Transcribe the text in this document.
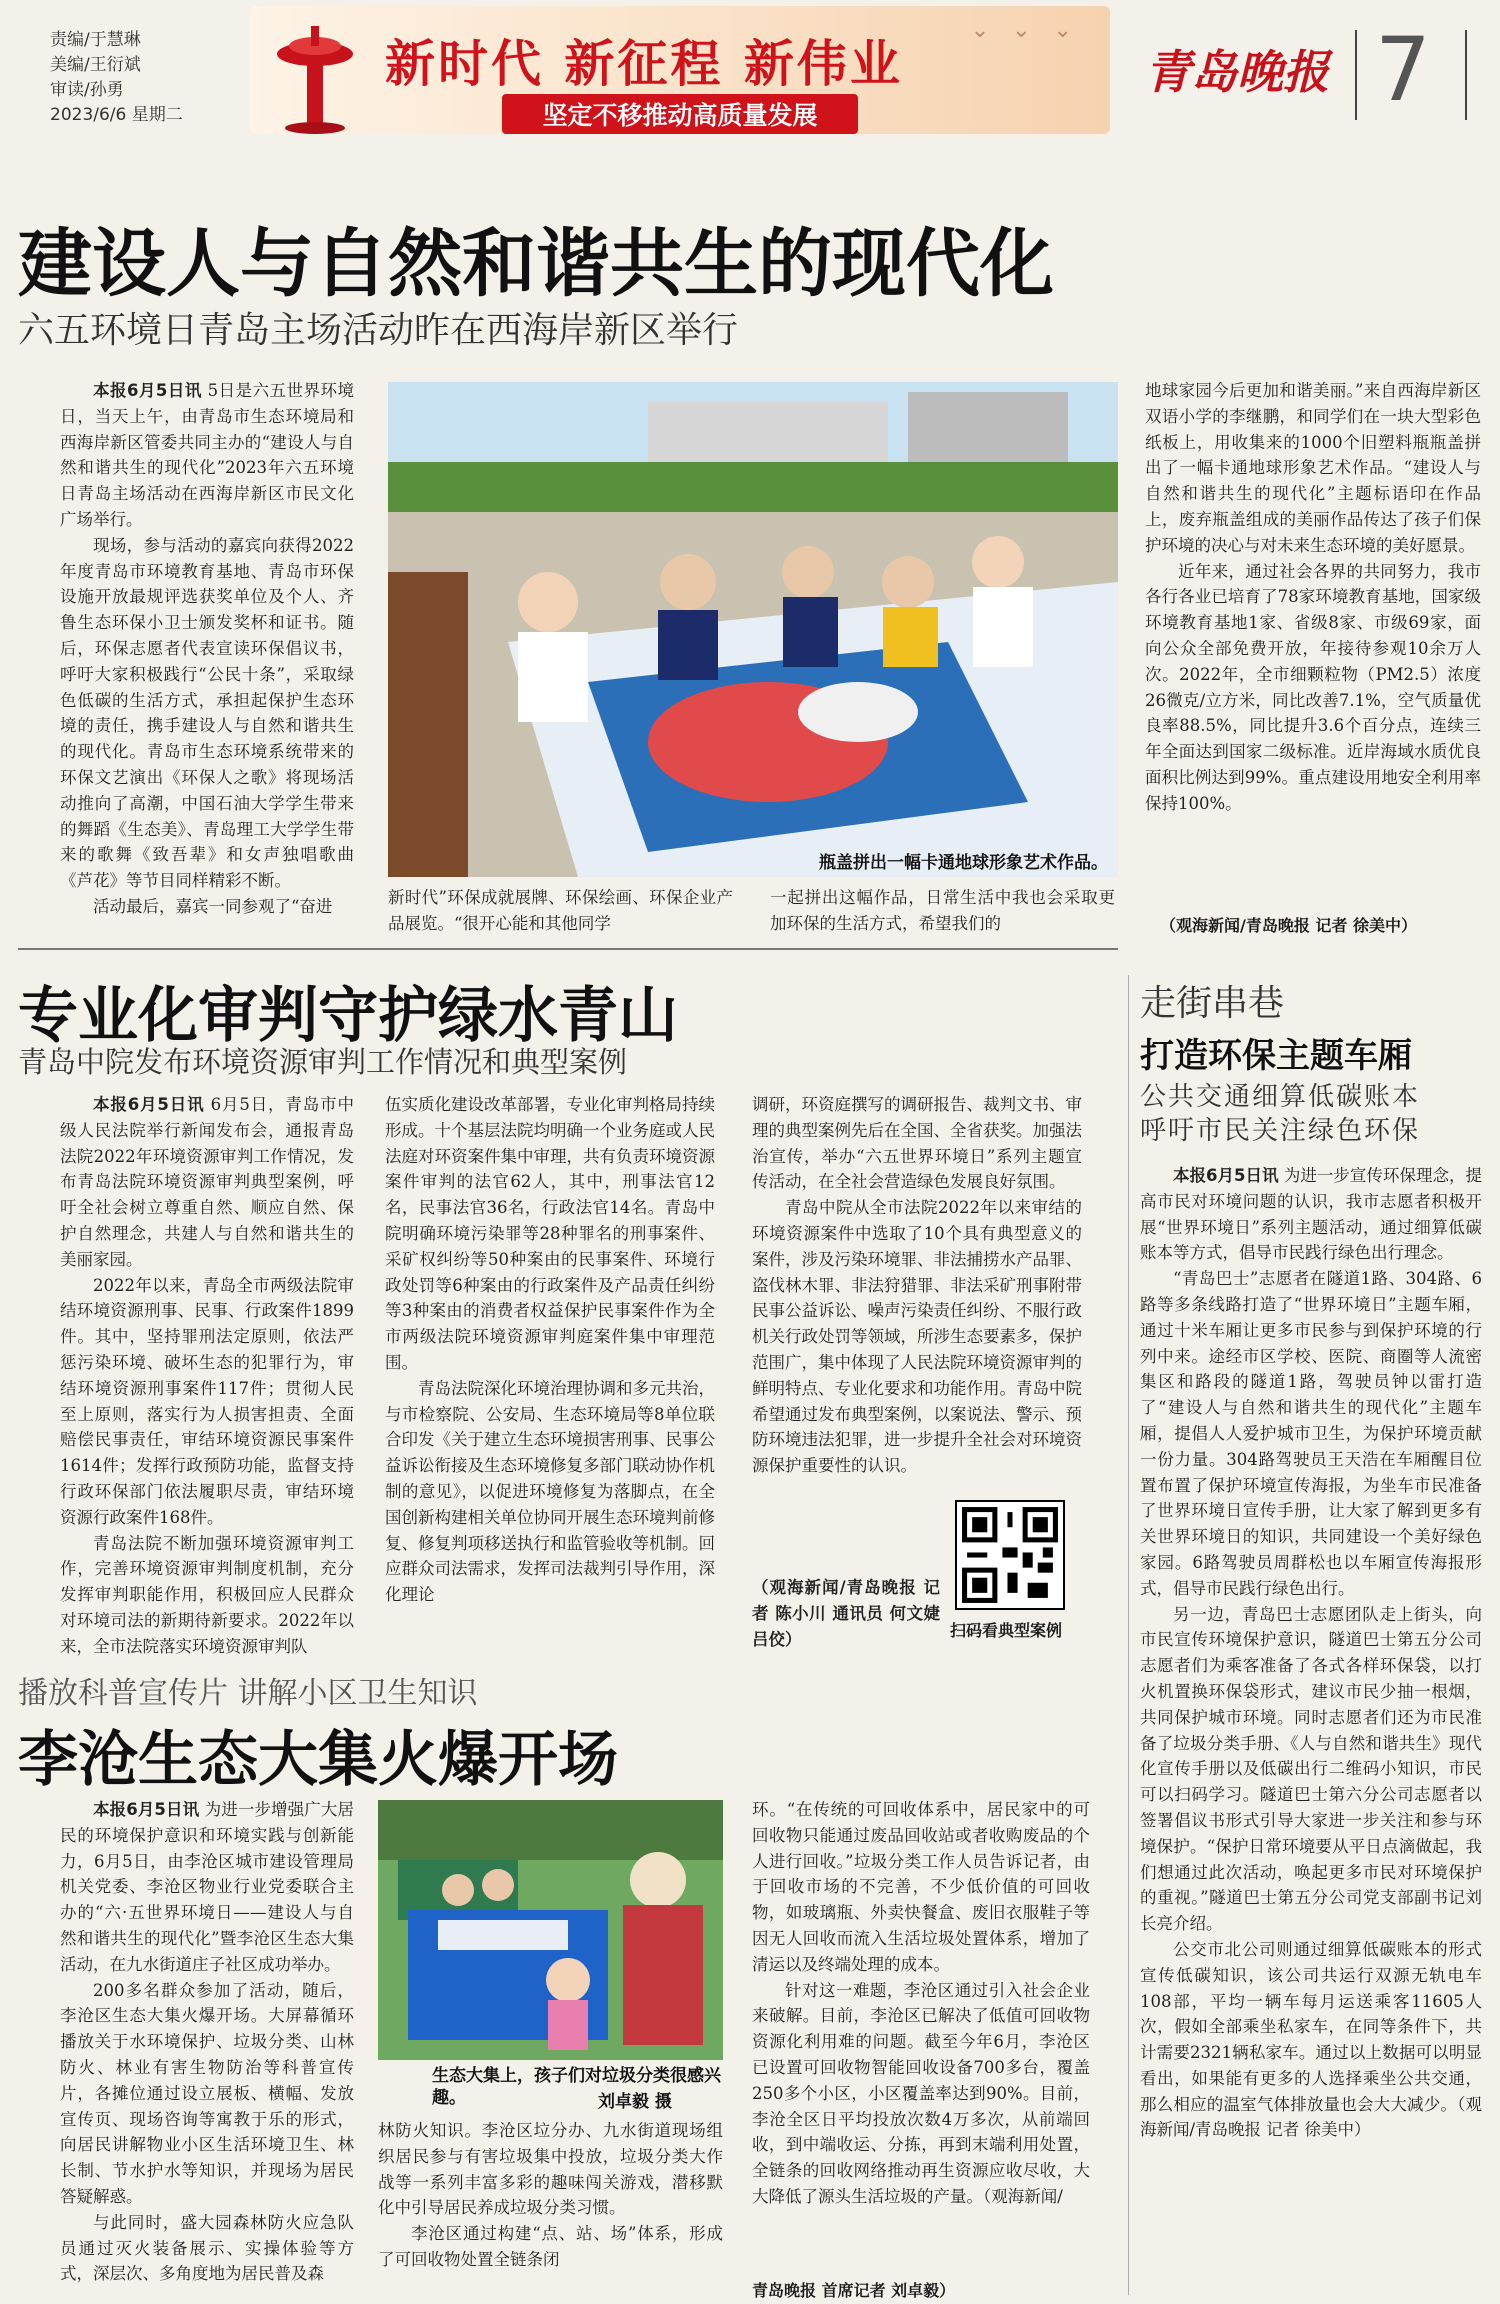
责编/于慧琳
美编/王衍斌
审读/孙勇
2023/6/6 星期二
新时代 新征程 新伟业
坚定不移推动高质量发展
⌄ ⌄ ⌄
青岛晚报 7
建设人与自然和谐共生的现代化
六五环境日青岛主场活动昨在西海岸新区举行

本报6月5日讯 5日是六五世界环境日，当天上午，由青岛市生态环境局和西海岸新区管委共同主办的“建设人与自然和谐共生的现代化”2023年六五环境日青岛主场活动在西海岸新区市民文化广场举行。

现场，参与活动的嘉宾向获得2022年度青岛市环境教育基地、青岛市环保设施开放最规评选获奖单位及个人、齐鲁生态环保小卫士颁发奖杯和证书。随后，环保志愿者代表宣读环保倡议书，呼吁大家积极践行“公民十条”，采取绿色低碳的生活方式，承担起保护生态环境的责任，携手建设人与自然和谐共生的现代化。青岛市生态环境系统带来的环保文艺演出《环保人之歌》将现场活动推向了高潮，中国石油大学学生带来的舞蹈《生态美》、青岛理工大学学生带来的歌舞《致吾辈》和女声独唱歌曲《芦花》等节目同样精彩不断。

活动最后，嘉宾一同参观了“奋进

瓶盖拼出一幅卡通地球形象艺术作品。
新时代”环保成就展牌、环保绘画、环保企业产品展览。“很开心能和其他同学
一起拼出这幅作品，日常生活中我也会采取更加环保的生活方式，希望我们的
地球家园今后更加和谐美丽。”来自西海岸新区双语小学的李继鹏，和同学们在一块大型彩色纸板上，用收集来的1000个旧塑料瓶瓶盖拼出了一幅卡通地球形象艺术作品。“建设人与自然和谐共生的现代化”主题标语印在作品上，废弃瓶盖组成的美丽作品传达了孩子们保护环境的决心与对未来生态环境的美好愿景。

近年来，通过社会各界的共同努力，我市各行各业已培育了78家环境教育基地，国家级环境教育基地1家、省级8家、市级69家，面向公众全部免费开放，年接待参观10余万人次。2022年，全市细颗粒物（PM2.5）浓度26微克/立方米，同比改善7.1%，空气质量优良率88.5%，同比提升3.6个百分点，连续三年全面达到国家二级标准。近岸海域水质优良面积比例达到99%。重点建设用地安全利用率保持100%。

（观海新闻/青岛晚报 记者 徐美中）
专业化审判守护绿水青山
青岛中院发布环境资源审判工作情况和典型案例

本报6月5日讯 6月5日，青岛市中级人民法院举行新闻发布会，通报青岛法院2022年环境资源审判工作情况，发布青岛法院环境资源审判典型案例，呼吁全社会树立尊重自然、顺应自然、保护自然理念，共建人与自然和谐共生的美丽家园。

2022年以来，青岛全市两级法院审结环境资源刑事、民事、行政案件1899件。其中，坚持罪刑法定原则，依法严惩污染环境、破坏生态的犯罪行为，审结环境资源刑事案件117件；贯彻人民至上原则，落实行为人损害担责、全面赔偿民事责任，审结环境资源民事案件1614件；发挥行政预防功能，监督支持行政环保部门依法履职尽责，审结环境资源行政案件168件。

青岛法院不断加强环境资源审判工作，完善环境资源审判制度机制，充分发挥审判职能作用，积极回应人民群众对环境司法的新期待新要求。2022年以来，全市法院落实环境资源审判队

伍实质化建设改革部署，专业化审判格局持续形成。十个基层法院均明确一个业务庭或人民法庭对环资案件集中审理，共有负责环境资源案件审判的法官62人，其中，刑事法官12名，民事法官36名，行政法官14名。青岛中院明确环境污染罪等28种罪名的刑事案件、采矿权纠纷等50种案由的民事案件、环境行政处罚等6种案由的行政案件及产品责任纠纷等3种案由的消费者权益保护民事案件作为全市两级法院环境资源审判庭案件集中审理范围。

青岛法院深化环境治理协调和多元共治，与市检察院、公安局、生态环境局等8单位联合印发《关于建立生态环境损害刑事、民事公益诉讼衔接及生态环境修复多部门联动协作机制的意见》，以促进环境修复为落脚点，在全国创新构建相关单位协同开展生态环境判前修复、修复判项移送执行和监管验收等机制。回应群众司法需求，发挥司法裁判引导作用，深化理论

调研，环资庭撰写的调研报告、裁判文书、审理的典型案例先后在全国、全省获奖。加强法治宣传，举办“六五世界环境日”系列主题宣传活动，在全社会营造绿色发展良好氛围。

青岛中院从全市法院2022年以来审结的环境资源案件中选取了10个具有典型意义的案件，涉及污染环境罪、非法捕捞水产品罪、盗伐林木罪、非法狩猎罪、非法采矿刑事附带民事公益诉讼、噪声污染责任纠纷、不服行政机关行政处罚等领域，所涉生态要素多，保护范围广，集中体现了人民法院环境资源审判的鲜明特点、专业化要求和功能作用。青岛中院希望通过发布典型案例，以案说法、警示、预防环境违法犯罪，进一步提升全社会对环境资源保护重要性的认识。

（观海新闻/青岛晚报 记者 陈小川 通讯员 何文婕 吕佼）	扫码看典型案例
播放科普宣传片 讲解小区卫生知识
李沧生态大集火爆开场

本报6月5日讯 为进一步增强广大居民的环境保护意识和环境实践与创新能力，6月5日，由李沧区城市建设管理局机关党委、李沧区物业行业党委联合主办的“六·五世界环境日——建设人与自然和谐共生的现代化”暨李沧区生态大集活动，在九水街道庄子社区成功举办。

200多名群众参加了活动，随后，李沧区生态大集火爆开场。大屏幕循环播放关于水环境保护、垃圾分类、山林防火、林业有害生物防治等科普宣传片，各摊位通过设立展板、横幅、发放宣传页、现场咨询等寓教于乐的形式，向居民讲解物业小区生活环境卫生、林长制、节水护水等知识，并现场为居民答疑解惑。

与此同时，盛大园森林防火应急队员通过灭火装备展示、实操体验等方式，深层次、多角度地为居民普及森

生态大集上，孩子们对垃圾分类很感兴趣。	刘卓毅 摄
林防火知识。李沧区垃分办、九水街道现场组织居民参与有害垃圾集中投放，垃圾分类大作战等一系列丰富多彩的趣味闯关游戏，潜移默化中引导居民养成垃圾分类习惯。

李沧区通过构建“点、站、场”体系，形成了可回收物处置全链条闭

环。“在传统的可回收体系中，居民家中的可回收物只能通过废品回收站或者收购废品的个人进行回收。”垃圾分类工作人员告诉记者，由于回收市场的不完善，不少低价值的可回收物，如玻璃瓶、外卖快餐盒、废旧衣服鞋子等因无人回收而流入生活垃圾处置体系，增加了清运以及终端处理的成本。

针对这一难题，李沧区通过引入社会企业来破解。目前，李沧区已解决了低值可回收物资源化利用难的问题。截至今年6月，李沧区已设置可回收物智能回收设备700多台，覆盖250多个小区，小区覆盖率达到90%。目前，李沧全区日平均投放次数4万多次，从前端回收，到中端收运、分拣，再到末端利用处置，全链条的回收网络推动再生资源应收尽收，大大降低了源头生活垃圾的产量。（观海新闻/

青岛晚报 首席记者 刘卓毅）
走街串巷
打造环保主题车厢
公共交通细算低碳账本
呼吁市民关注绿色环保

本报6月5日讯 为进一步宣传环保理念，提高市民对环境问题的认识，我市志愿者积极开展“世界环境日”系列主题活动，通过细算低碳账本等方式，倡导市民践行绿色出行理念。

“青岛巴士”志愿者在隧道1路、304路、6路等多条线路打造了“世界环境日”主题车厢，通过十米车厢让更多市民参与到保护环境的行列中来。途经市区学校、医院、商圈等人流密集区和路段的隧道1路，驾驶员钟以雷打造了“建设人与自然和谐共生的现代化”主题车厢，提倡人人爱护城市卫生，为保护环境贡献一份力量。304路驾驶员王天浩在车厢醒目位置布置了保护环境宣传海报，为坐车市民准备了世界环境日宣传手册，让大家了解到更多有关世界环境日的知识，共同建设一个美好绿色家园。6路驾驶员周群松也以车厢宣传海报形式，倡导市民践行绿色出行。

另一边，青岛巴士志愿团队走上街头，向市民宣传环境保护意识，隧道巴士第五分公司志愿者们为乘客准备了各式各样环保袋，以打火机置换环保袋形式，建议市民少抽一根烟，共同保护城市环境。同时志愿者们还为市民准备了垃圾分类手册、《人与自然和谐共生》现代化宣传手册以及低碳出行二维码小知识，市民可以扫码学习。隧道巴士第六分公司志愿者以签署倡议书形式引导大家进一步关注和参与环境保护。“保护日常环境要从平日点滴做起，我们想通过此次活动，唤起更多市民对环境保护的重视。”隧道巴士第五分公司党支部副书记刘长亮介绍。

公交市北公司则通过细算低碳账本的形式宣传低碳知识，该公司共运行双源无轨电车108部，平均一辆车每月运送乘客11605人次，假如全部乘坐私家车，在同等条件下，共计需要2321辆私家车。通过以上数据可以明显看出，如果能有更多的人选择乘坐公共交通，那么相应的温室气体排放量也会大大减少。（观海新闻/青岛晚报 记者 徐美中）
